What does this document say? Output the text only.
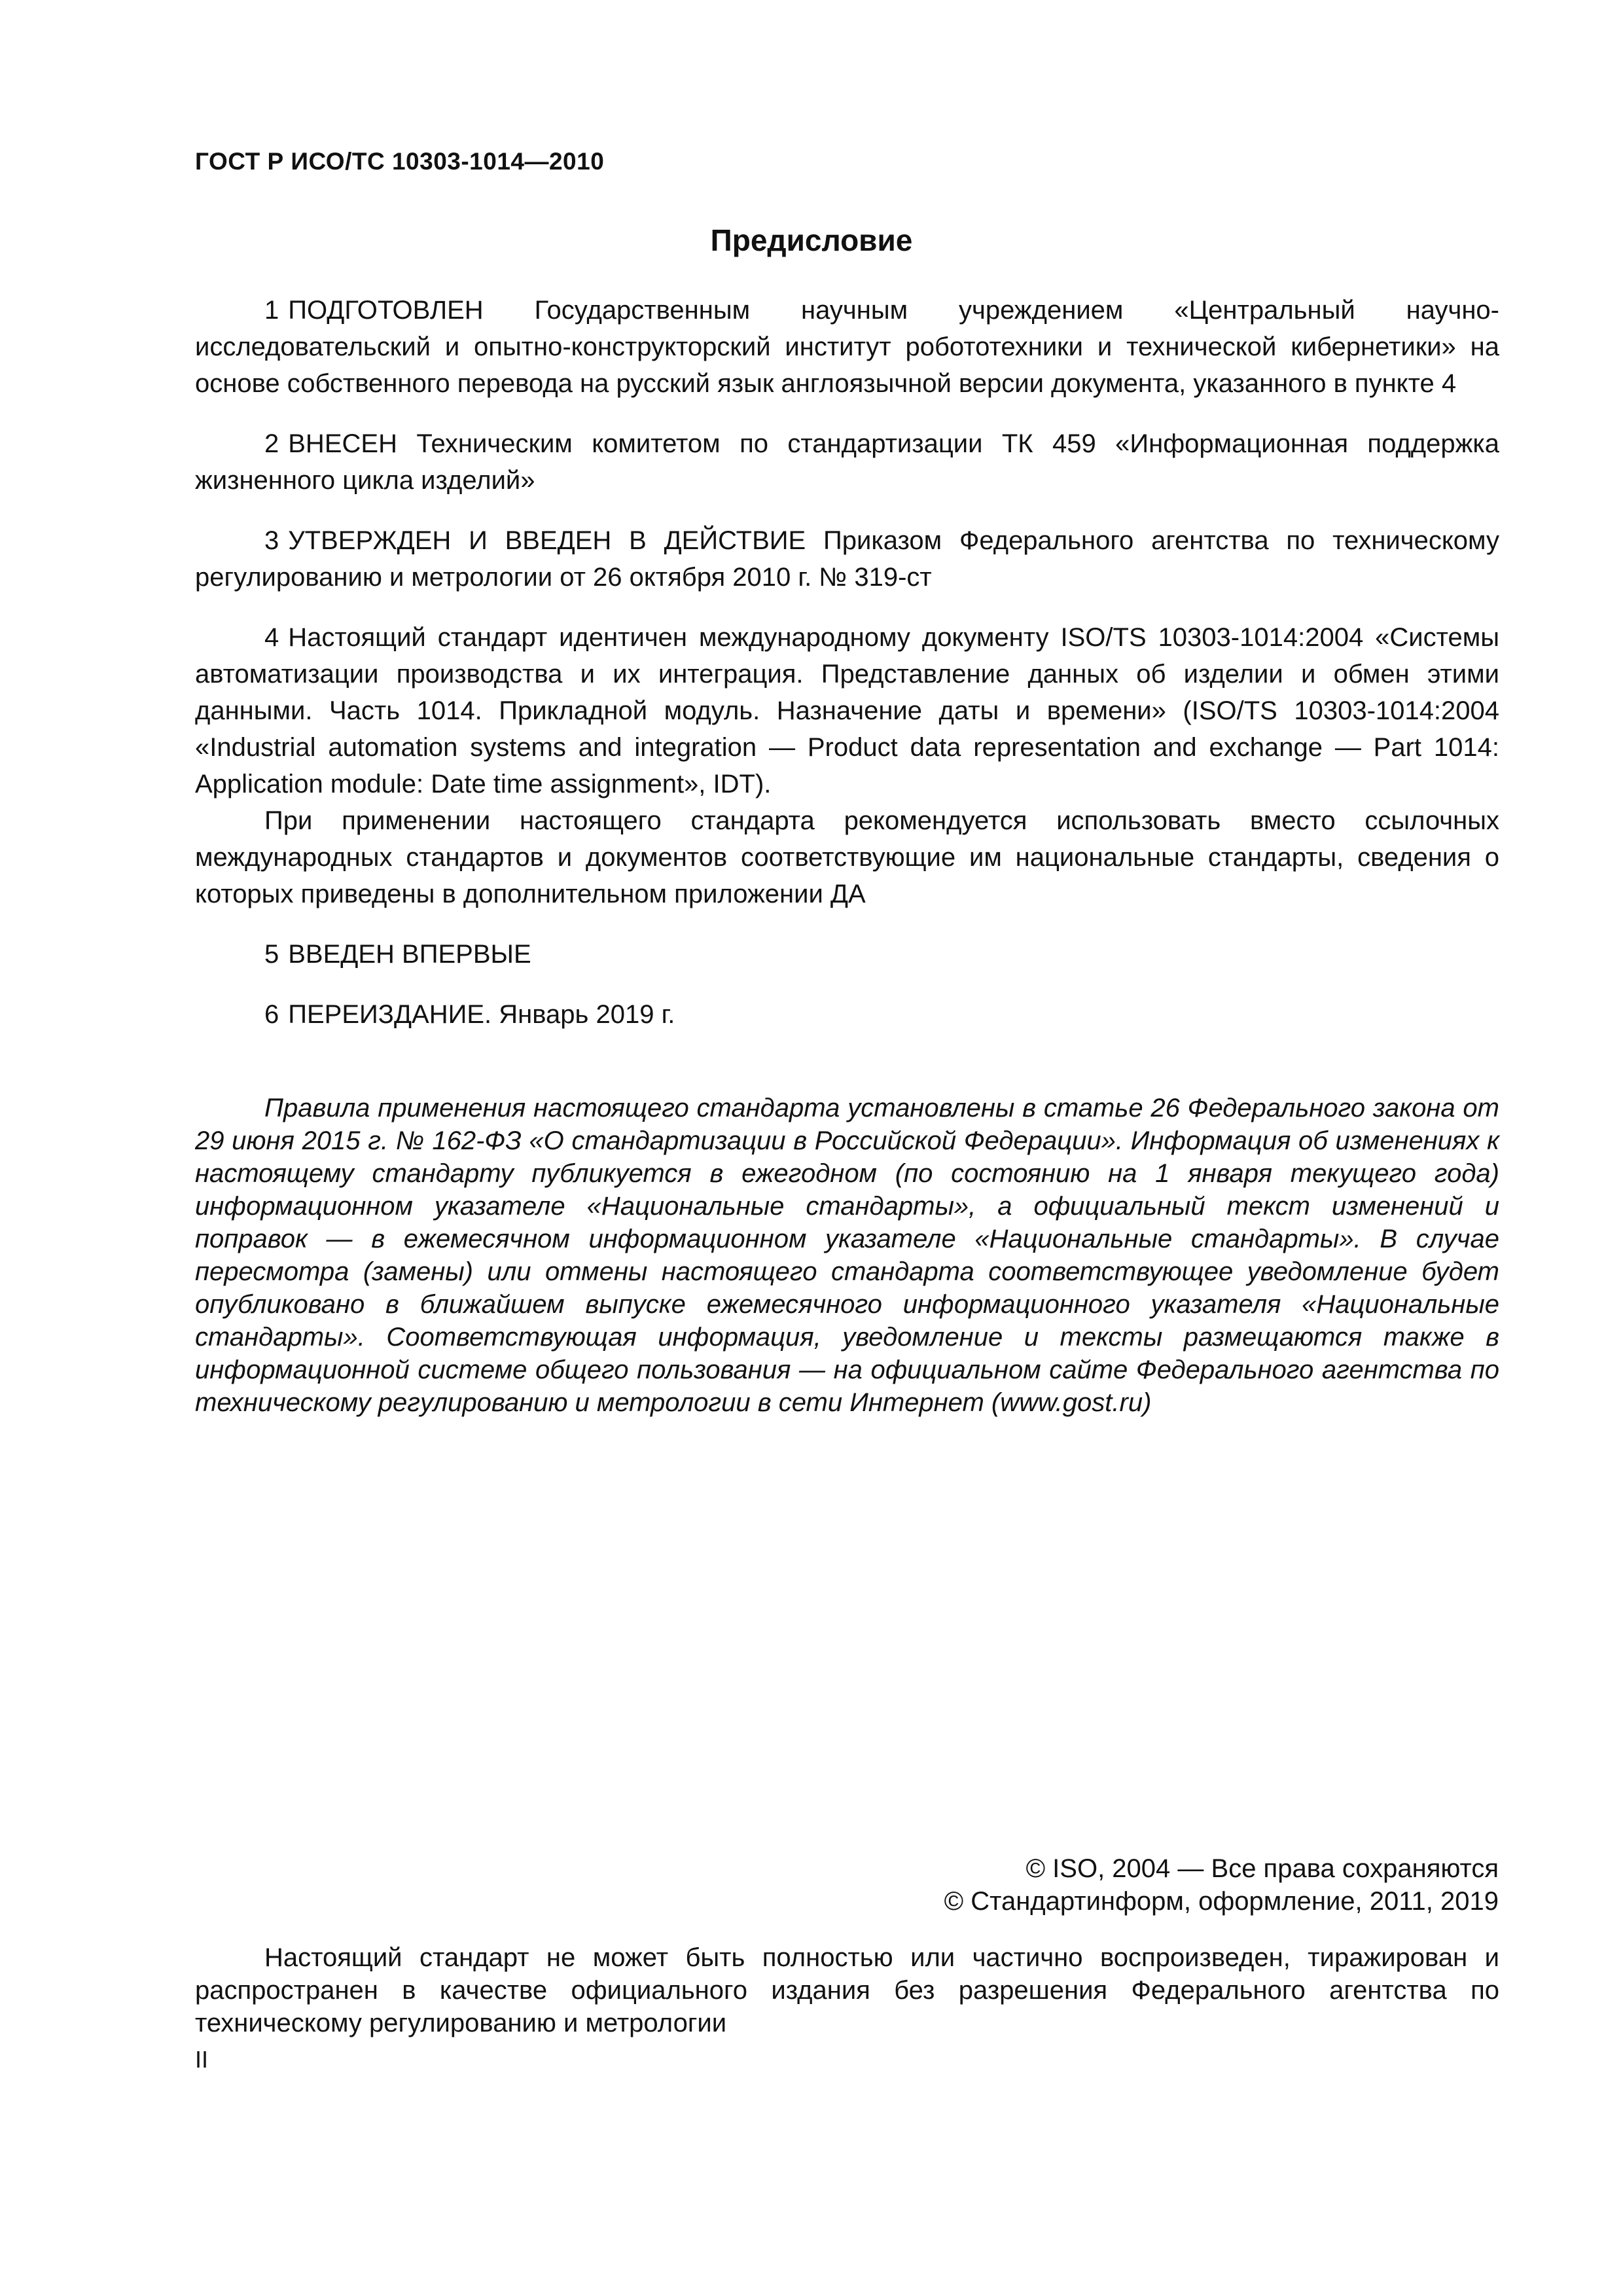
ГОСТ Р ИСО/ТС 10303-1014—2010
Предисловие

1 ПОДГОТОВЛЕН Государственным научным учреждением «Центральный научно-исследовательский и опытно-конструкторский институт робототехники и технической кибернетики» на основе собственного перевода на русский язык англоязычной версии документа, указанного в пункте 4

2 ВНЕСЕН Техническим комитетом по стандартизации ТК 459 «Информационная поддержка жизненного цикла изделий»

3 УТВЕРЖДЕН И ВВЕДЕН В ДЕЙСТВИЕ Приказом Федерального агентства по техническому регулированию и метрологии от 26 октября 2010 г. № 319-ст

4 Настоящий стандарт идентичен международному документу ISO/TS 10303-1014:2004 «Системы автоматизации производства и их интеграция. Представление данных об изделии и обмен этими данными. Часть 1014. Прикладной модуль. Назначение даты и времени» (ISO/TS 10303-1014:2004 «Industrial automation systems and integration — Product data representation and exchange — Part 1014: Application module: Date time assignment», IDT).

При применении настоящего стандарта рекомендуется использовать вместо ссылочных международных стандартов и документов соответствующие им национальные стандарты, сведения о которых приведены в дополнительном приложении ДА

5 ВВЕДЕН ВПЕРВЫЕ

6 ПЕРЕИЗДАНИЕ. Январь 2019 г.

Правила применения настоящего стандарта установлены в статье 26 Федерального закона от 29 июня 2015 г. № 162-ФЗ «О стандартизации в Российской Федерации». Информация об изменениях к настоящему стандарту публикуется в ежегодном (по состоянию на 1 января текущего года) информационном указателе «Национальные стандарты», а официальный текст изменений и поправок — в ежемесячном информационном указателе «Национальные стандарты». В случае пересмотра (замены) или отмены настоящего стандарта соответствующее уведомление будет опубликовано в ближайшем выпуске ежемесячного информационного указателя «Национальные стандарты». Соответствующая информация, уведомление и тексты размещаются также в информационной системе общего пользования — на официальном сайте Федерального агентства по техническому регулированию и метрологии в сети Интернет (www.gost.ru)

© ISO, 2004 — Все права сохраняются
© Стандартинформ, оформление, 2011, 2019

Настоящий стандарт не может быть полностью или частично воспроизведен, тиражирован и распространен в качестве официального издания без разрешения Федерального агентства по техническому регулированию и метрологии

II
